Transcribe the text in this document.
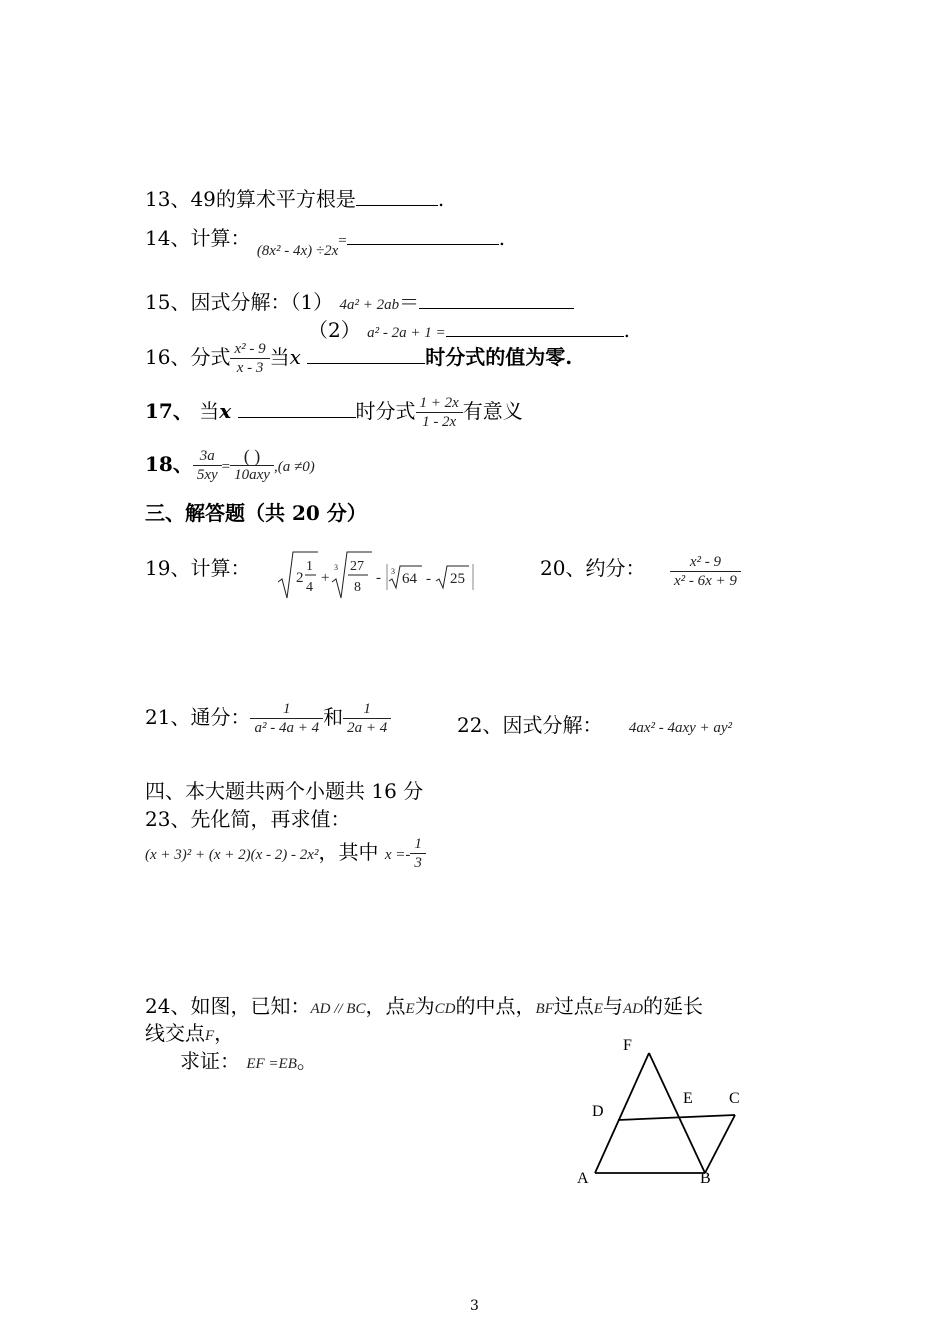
13、49的算术平方根是	.
14、计算： $_{(8x^2 - 4x) \div 2x}$=	.
15、因式分解：（1） 4a² + 2ab＝
（2） a² - 2a + 1 =	.
16、分式 $\frac{\text{x² - 9}}{x - 3}$ 当x	时分式的值为零.
17、 当x	时分式 $\frac{1 + 2x}{1 - 2x}$ 有意义
18、 $\frac{3a}{5xy} = \frac{( )}{\text{10axy}} ,(a \ne 0)$
三、解答题（共 20 分）
19、计算：	2
1
4
+
3 27
8
- 3 64 - 25	20、约分： $\frac{\text{x² - 9}}{\text{x² - 6x + 9}}$
21、通分： $\frac{1}{\text{a² - 4a + 4}}$ 和 $\frac{1}{2a + 4}$	22、因式分解： 4ax² - 4axy + ay²
四、本大题共两个小题共 16 分
23、先化简，再求值：
(x + 3)² + (x + 2)(x - 2) - 2x²，其中 $x =- \frac{1}{3}$
24、如图，已知：AD // BC，点E为CD的中点，BF过点E与AD的延长
线交点F，
求证： EF =EB。
F
D
E C
A	B
3
